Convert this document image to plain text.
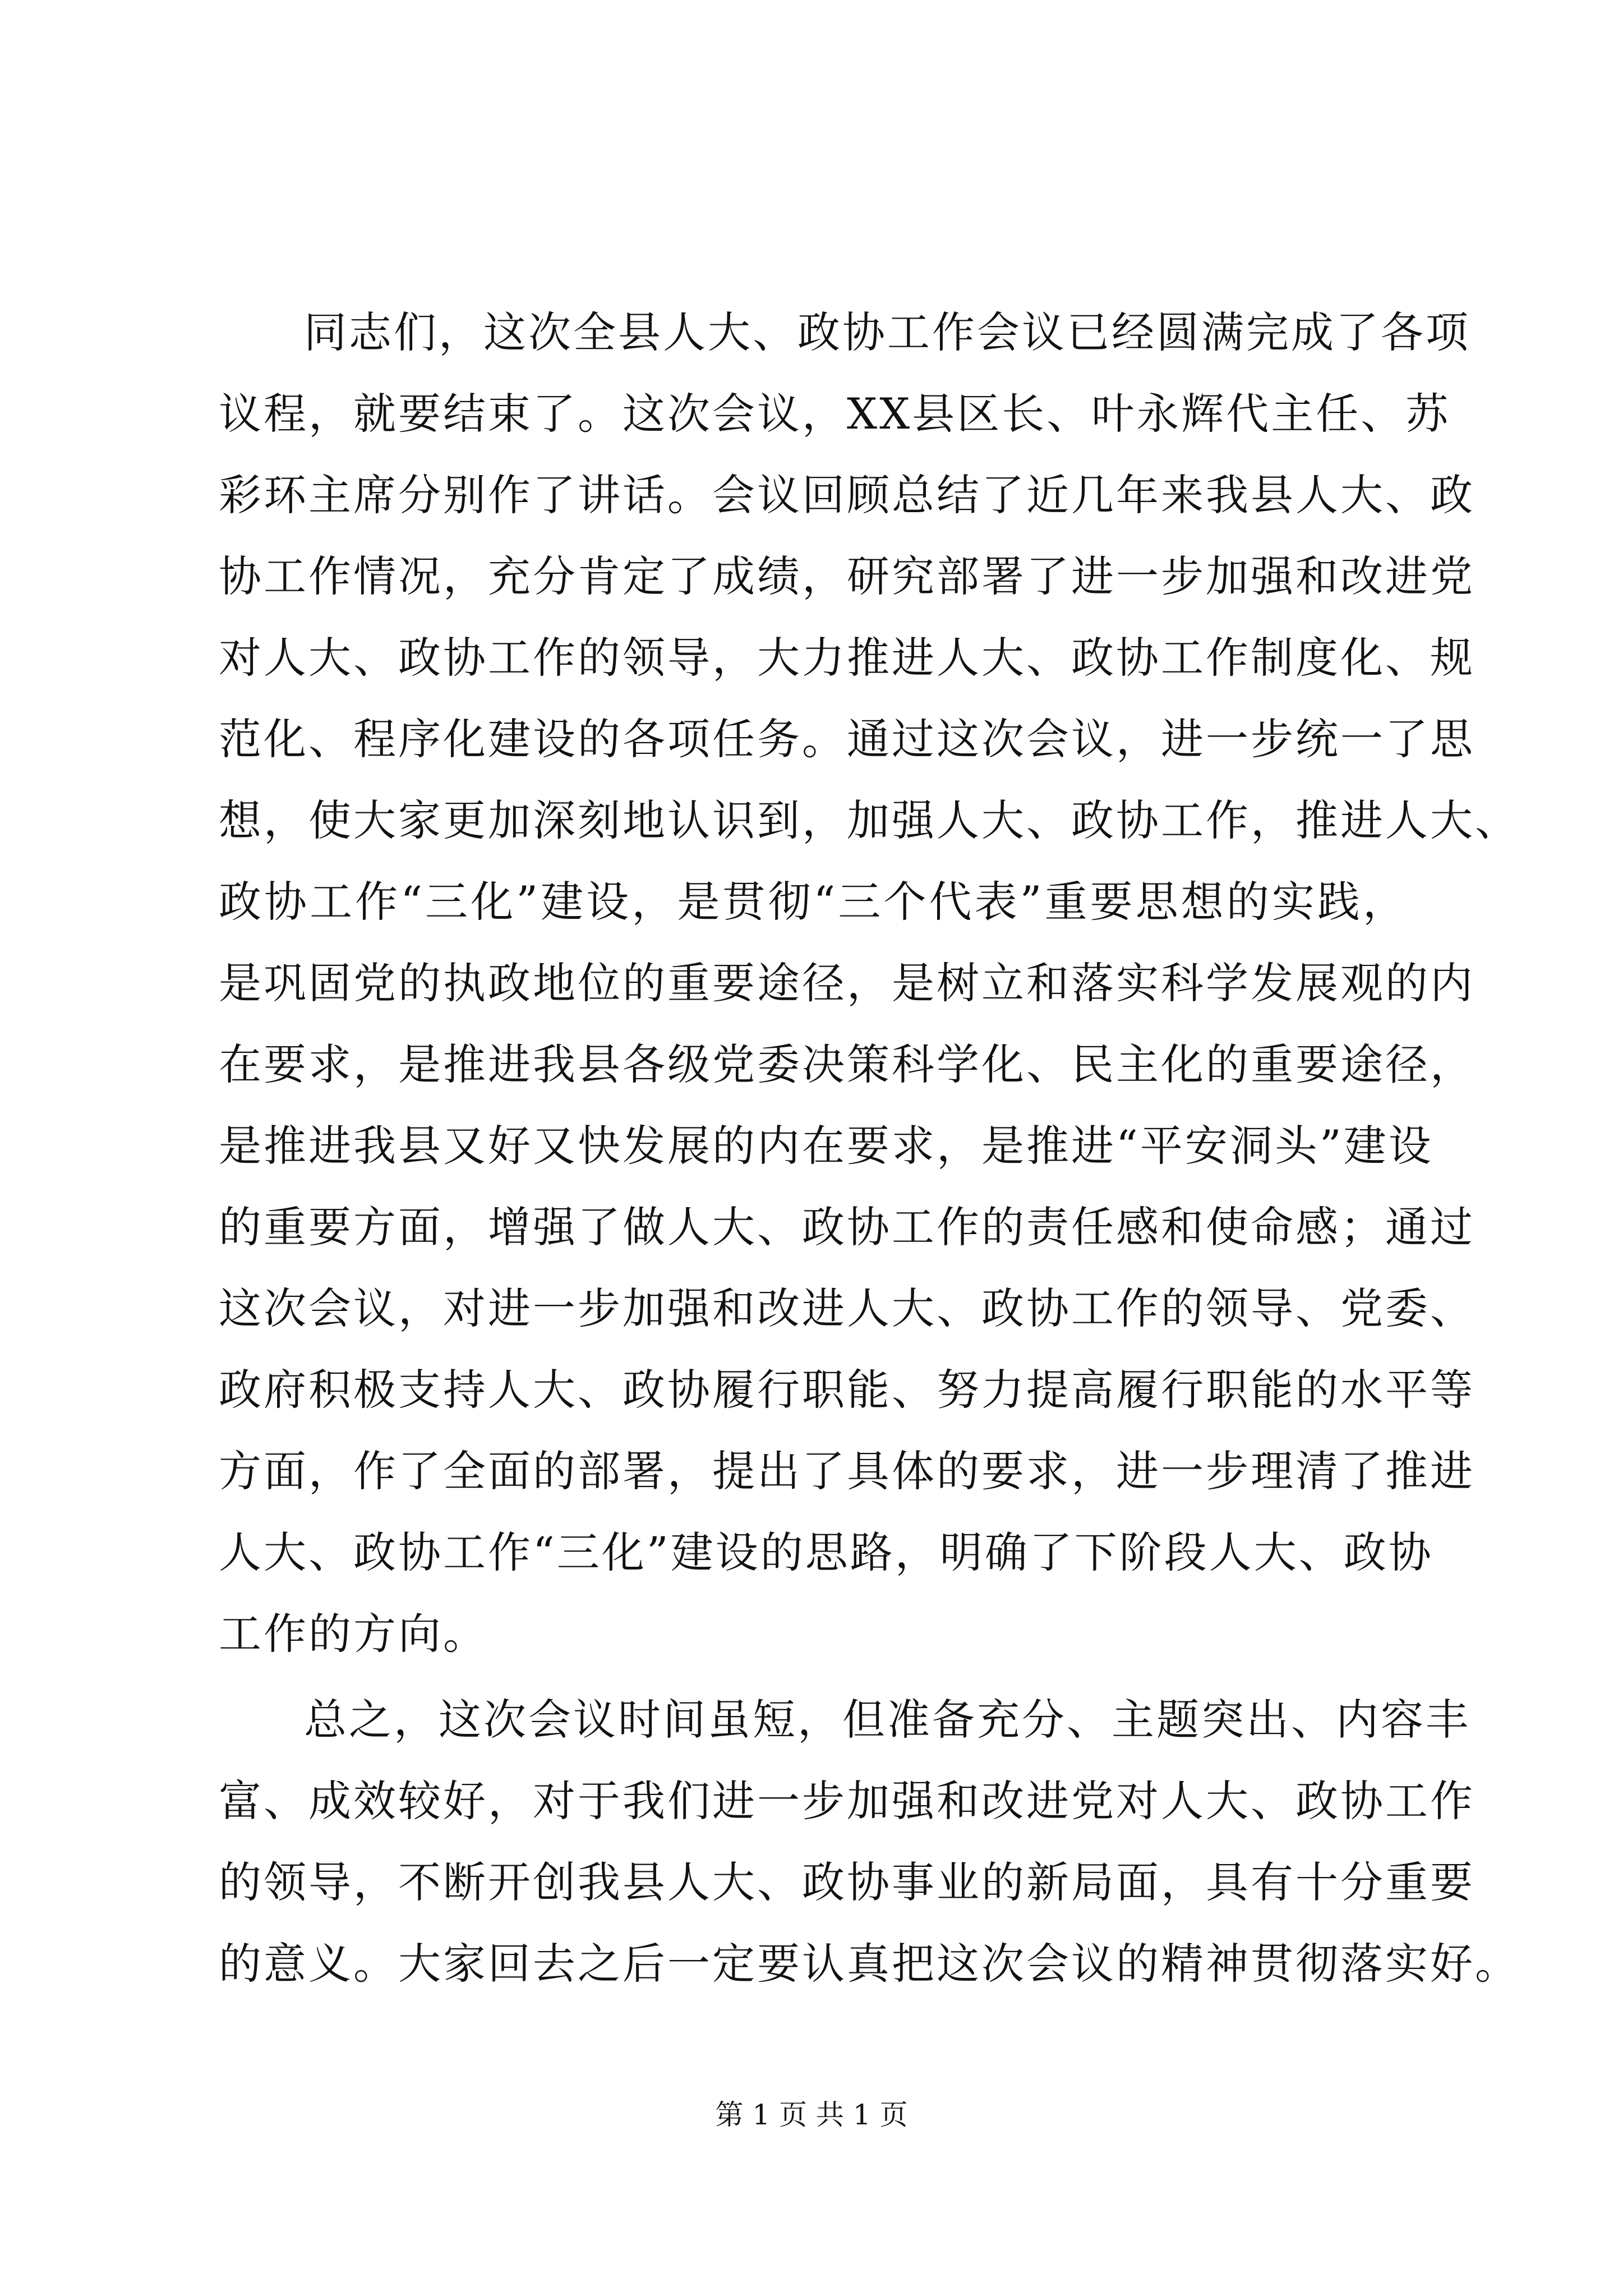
同志们，这次全县人大、政协工作会议已经圆满完成了各项
议程，就要结束了。这次会议，XX县区长、叶永辉代主任、苏
彩环主席分别作了讲话。会议回顾总结了近几年来我县人大、政
协工作情况，充分肯定了成绩，研究部署了进一步加强和改进党
对人大、政协工作的领导，大力推进人大、政协工作制度化、规
范化、程序化建设的各项任务。通过这次会议，进一步统一了思
想，使大家更加深刻地认识到，加强人大、政协工作，推进人大、
政协工作“三化”建设，是贯彻“三个代表”重要思想的实践，
是巩固党的执政地位的重要途径，是树立和落实科学发展观的内
在要求，是推进我县各级党委决策科学化、民主化的重要途径，
是推进我县又好又快发展的内在要求，是推进“平安洞头”建设
的重要方面，增强了做人大、政协工作的责任感和使命感；通过
这次会议，对进一步加强和改进人大、政协工作的领导、党委、
政府积极支持人大、政协履行职能、努力提高履行职能的水平等
方面，作了全面的部署，提出了具体的要求，进一步理清了推进
人大、政协工作“三化”建设的思路，明确了下阶段人大、政协
工作的方向。
总之，这次会议时间虽短，但准备充分、主题突出、内容丰
富、成效较好，对于我们进一步加强和改进党对人大、政协工作
的领导，不断开创我县人大、政协事业的新局面，具有十分重要
的意义。大家回去之后一定要认真把这次会议的精神贯彻落实好。
第 1 页 共 1 页
